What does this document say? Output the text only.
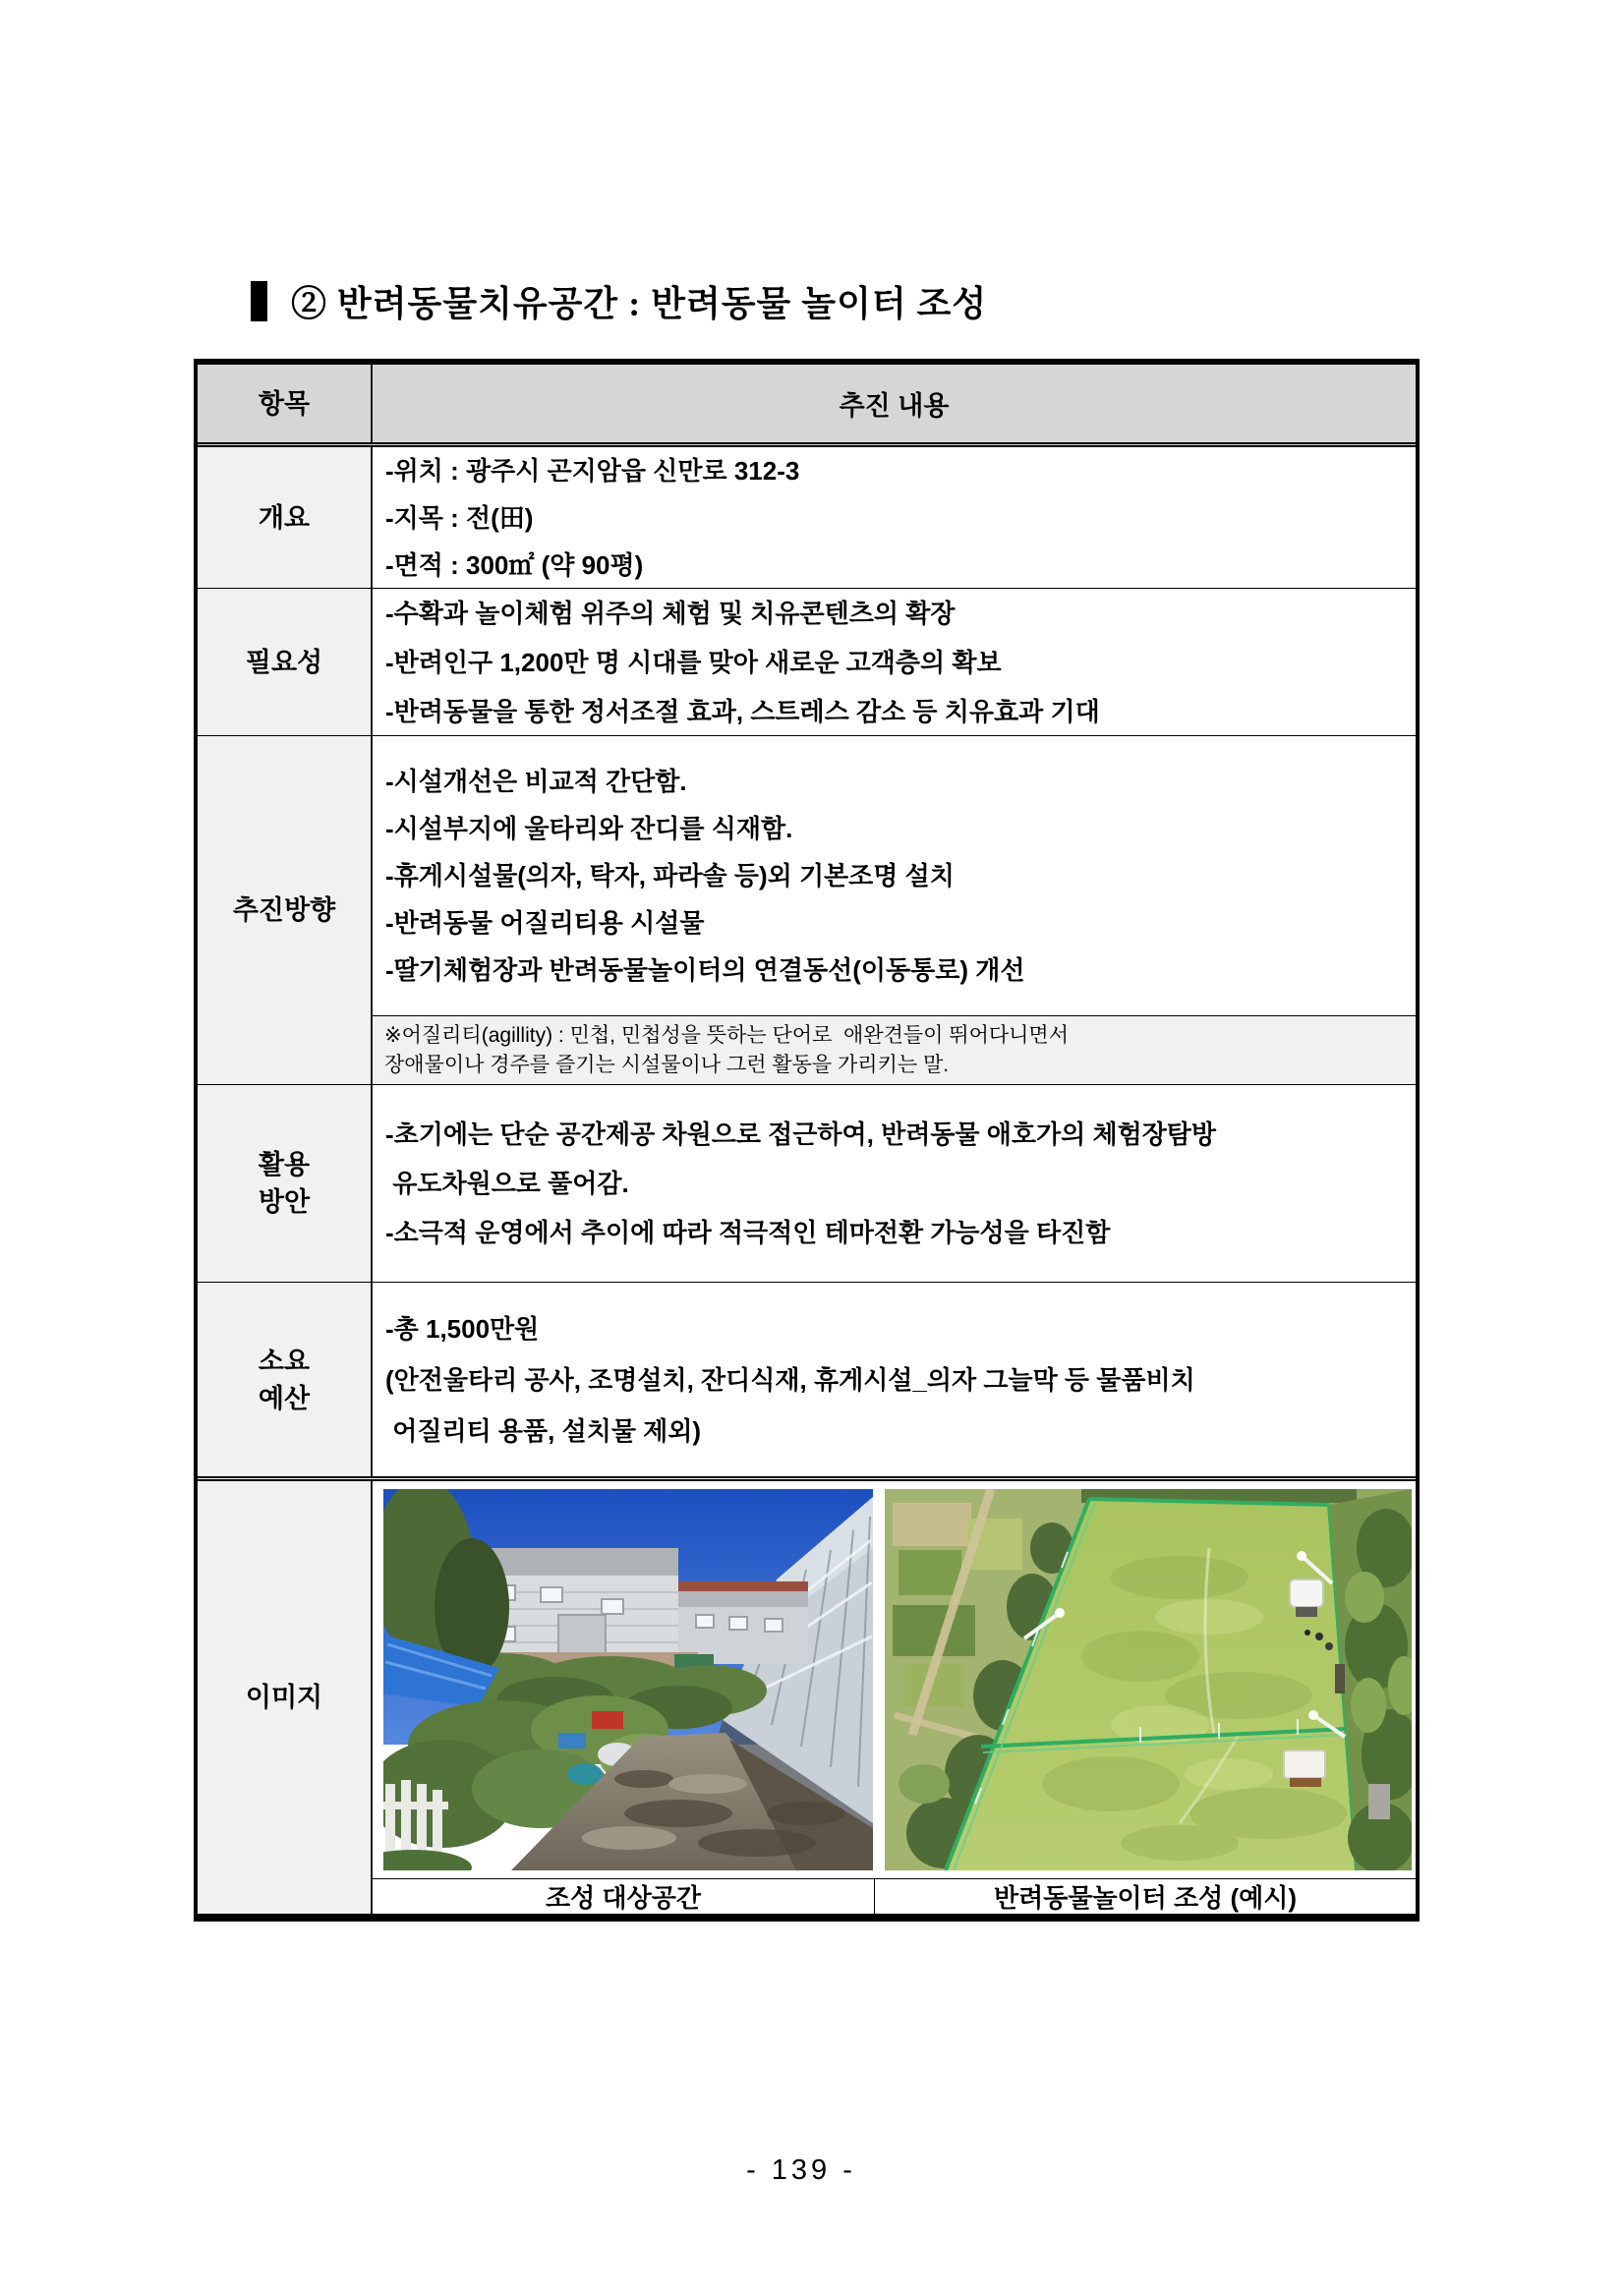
② 반려동물치유공간 : 반려동물 놀이터 조성
항목	추진 내용
개요
-위치 : 광주시 곤지암읍 신만로 312-3
-지목 : 전(田)
-면적 : 300㎡ (약 90평)
필요성
-수확과 놀이체험 위주의 체험 및 치유콘텐츠의 확장
-반려인구 1,200만 명 시대를 맞아 새로운 고객층의 확보
-반려동물을 통한 정서조절 효과, 스트레스 감소 등 치유효과 기대
추진방향
-시설개선은 비교적 간단함.
-시설부지에 울타리와 잔디를 식재함.
-휴게시설물(의자, 탁자, 파라솔 등)외 기본조명 설치
-반려동물 어질리티용 시설물
-딸기체험장과 반려동물놀이터의 연결동선(이동통로) 개선
※어질리티(agillity) : 민첩, 민첩성을 뜻하는 단어로  애완견들이 뛰어다니면서
장애물이나 경주를 즐기는 시설물이나 그런 활동을 가리키는 말.
활용
방안
-초기에는 단순 공간제공 차원으로 접근하여, 반려동물 애호가의 체험장탐방
유도차원으로 풀어감.
-소극적 운영에서 추이에 따라 적극적인 테마전환 가능성을 타진함
소요
예산
-총 1,500만원
(안전울타리 공사, 조명설치, 잔디식재, 휴게시설_의자 그늘막 등 물품비치
어질리티 용품, 설치물 제외)
이미지
조성 대상공간	반려동물놀이터 조성 (예시)
- 139 -
